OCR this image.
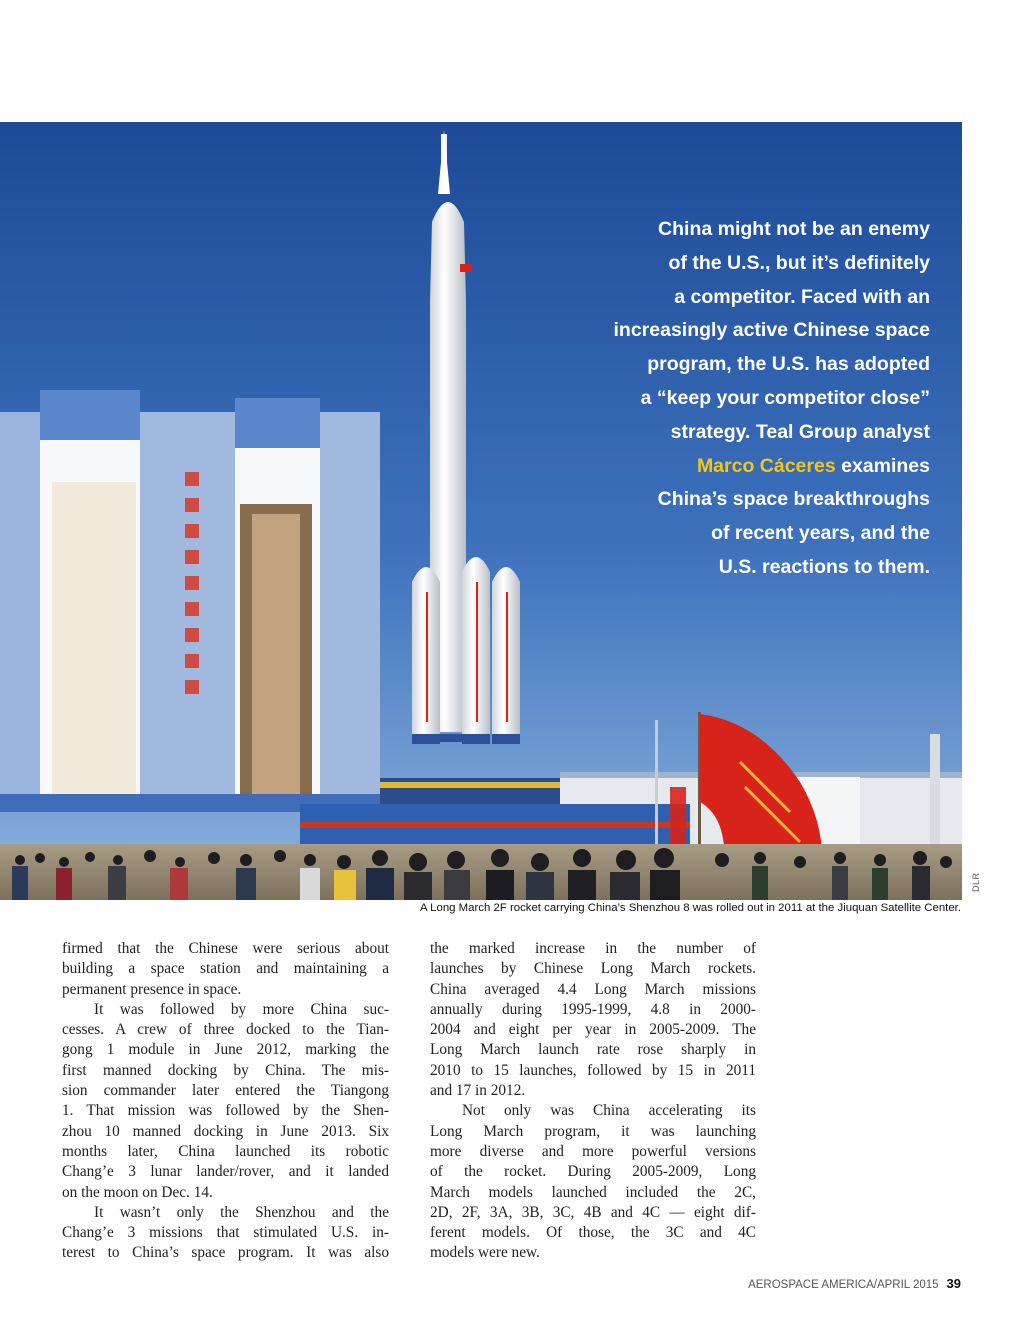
China might not be an enemy
of the U.S., but it’s definitely
a competitor. Faced with an
increasingly active Chinese space
program, the U.S. has adopted
a “keep your competitor close”
strategy. Teal Group analyst
Marco Cáceres examines
China’s space breakthroughs
of recent years, and the
U.S. reactions to them.
DLR
A Long March 2F rocket carrying China’s Shenzhou 8 was rolled out in 2011 at the Jiuquan Satellite Center.
firmed that the Chinese were serious about
building a space station and maintaining a
permanent presence in space.
It was followed by more China suc-
cesses. A crew of three docked to the Tian-
gong 1 module in June 2012, marking the
first manned docking by China. The mis-
sion commander later entered the Tiangong
1. That mission was followed by the Shen-
zhou 10 manned docking in June 2013. Six
months later, China launched its robotic
Chang’e 3 lunar lander/rover, and it landed
on the moon on Dec. 14.
It wasn’t only the Shenzhou and the
Chang’e 3 missions that stimulated U.S. in-
terest to China’s space program. It was also
the marked increase in the number of
launches by Chinese Long March rockets.
China averaged 4.4 Long March missions
annually during 1995-1999, 4.8 in 2000-
2004 and eight per year in 2005-2009. The
Long March launch rate rose sharply in
2010 to 15 launches, followed by 15 in 2011
and 17 in 2012.
Not only was China accelerating its
Long March program, it was launching
more diverse and more powerful versions
of the rocket. During 2005-2009, Long
March models launched included the 2C,
2D, 2F, 3A, 3B, 3C, 4B and 4C — eight dif-
ferent models. Of those, the 3C and 4C
models were new.
AEROSPACE AMERICA/APRIL 2015 39
